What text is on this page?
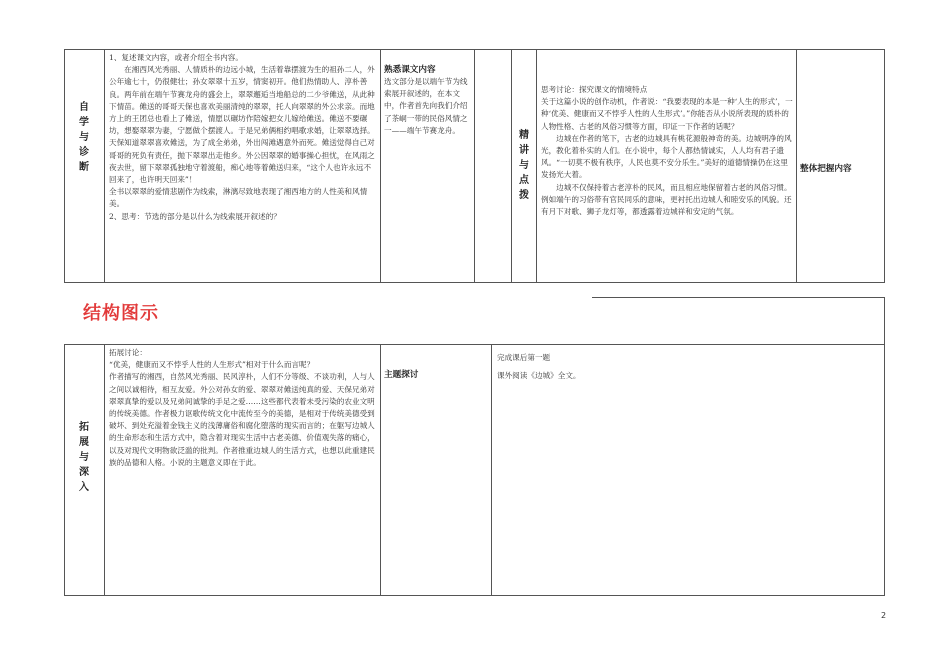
自
学
与
诊
断

1、复述课文内容，或者介绍全书内容。

　　在湘西风光秀丽、人情质朴的边远小城，生活着靠摆渡为生的祖孙二人，外公年逾七十，仍很健壮；孙女翠翠十五岁，情窦初开。他们热情助人、淳朴善良。两年前在端午节赛龙舟的盛会上，翠翠邂逅当地船总的二少爷傩送，从此种下情苗。傩送的哥哥天保也喜欢美丽清纯的翠翠，托人向翠翠的外公求亲。而地方上的王团总也看上了傩送，情愿以碾坊作陪嫁把女儿嫁给傩送。傩送不要碾坊，想娶翠翠为妻，宁愿做个摆渡人。于是兄弟俩相约唱歌求婚，让翠翠选择。天保知道翠翠喜欢傩送，为了成全弟弟，外出闯滩遇意外而死。傩送觉得自己对哥哥的死负有责任，抛下翠翠出走他乡。外公因翠翠的婚事操心担忧，在风雨之夜去世，留下翠翠孤独地守着渡船，痴心地等着傩送归来，“这个人也许永远不回来了，也许明天回来”！

全书以翠翠的爱情悲剧作为线索，淋漓尽致地表现了湘西地方的人性美和风情美。

2、思考：节选的部分是以什么为线索展开叙述的？

熟悉课文内容

选文部分是以端午节为线索展开叙述的，在本文中，作者首先向我们介绍了茶峒一带的民俗风情之一——端午节赛龙舟。	精
讲
与
点
拨

思考讨论：探究课文的情境特点

关于这篇小说的创作动机，作者说：“我要表现的本是一种‘人生的形式’，一种‘优美、健康而又不悖乎人性的人生形式’。”你能否从小说所表现的质朴的人物性格、古老的风俗习惯等方面，印证一下作者的话呢？

　　边城在作者的笔下，古老的边城具有桃花源般神奇的美。边城明净的风光，教化着朴实的人们。在小说中，每个人都热情诚实，人人均有君子遗风。“一切莫不极有秩序，人民也莫不安分乐生。”美好的道德情操仍在这里发扬光大着。

　　边城不仅保持着古老淳朴的民风，而且相应地保留着古老的风俗习惯。例如端午的习俗带有官民同乐的意味，更衬托出边城人和睦安乐的风貌。还有月下对歌、狮子龙灯等，都透露着边城祥和安定的气氛。

整体把握内容
结构图示
拓
展
与
深
入

拓展讨论：

“优美，健康而又不悖乎人性的人生形式”相对于什么而言呢？

作者描写的湘西，自然风光秀丽、民风淳朴，人们不分等级、不谈功利，人与人之间以诚相待，相互友爱。外公对孙女的爱、翠翠对傩送纯真的爱、天保兄弟对翠翠真挚的爱以及兄弟间诚挚的手足之爱……这些都代表着未受污染的农业文明的传统美德。作者极力讴歌传统文化中流传至今的美德，是相对于传统美德受到破坏、到处充溢着金钱主义的浅薄庸俗和腐化堕落的现实而言的；在躯写边城人的生命形态和生活方式中，隐含着对现实生活中古老美德、价值观失落的痛心，以及对现代文明物欲泛滥的批判。作者推重边城人的生活方式，也想以此重建民族的品德和人格。小说的主题意义即在于此。

主题探讨

完成课后第一题

课外阅读《边城》全文。

2
